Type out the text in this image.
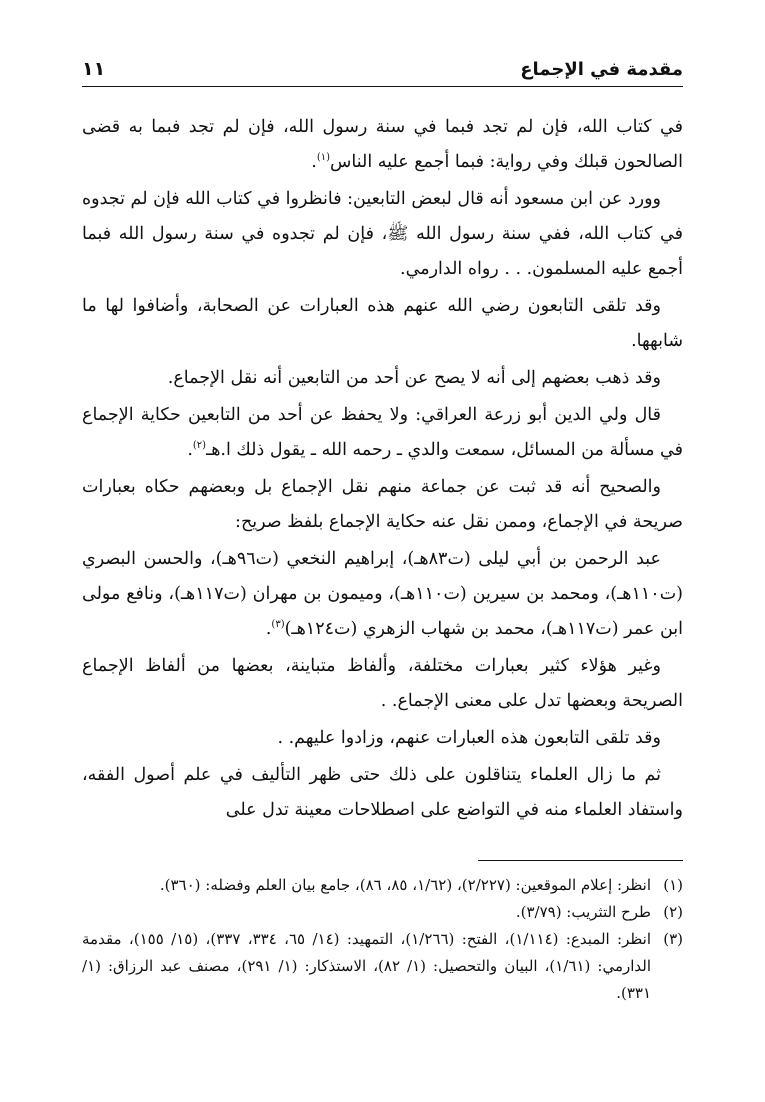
مقدمة في الإجماع
١١

في كتاب الله، فإن لم تجد فبما في سنة رسول الله، فإن لم تجد فبما به قضى الصالحون قبلك وفي رواية: فبما أجمع عليه الناس$^{(١)}$.

وورد عن ابن مسعود أنه قال لبعض التابعين: فانظروا في كتاب الله فإن لم تجدوه في كتاب الله، ففي سنة رسول الله ﷺ، فإن لم تجدوه في سنة رسول الله فبما أجمع عليه المسلمون. . . رواه الدارمي.

وقد تلقى التابعون رضي الله عنهم هذه العبارات عن الصحابة، وأضافوا لها ما شابهها.

وقد ذهب بعضهم إلى أنه لا يصح عن أحد من التابعين أنه نقل الإجماع.

قال ولي الدين أبو زرعة العراقي: ولا يحفظ عن أحد من التابعين حكاية الإجماع في مسألة من المسائل، سمعت والدي ـ رحمه الله ـ يقول ذلك ا.هـ$^{(٢)}$.

والصحيح أنه قد ثبت عن جماعة منهم نقل الإجماع بل وبعضهم حكاه بعبارات صريحة في الإجماع، وممن نقل عنه حكاية الإجماع بلفظ صريح:

عبد الرحمن بن أبي ليلى (ت٨٣هـ)، إبراهيم النخعي (ت٩٦هـ)، والحسن البصري (ت١١٠هـ)، ومحمد بن سيرين (ت١١٠هـ)، وميمون بن مهران (ت١١٧هـ)، ونافع مولى ابن عمر (ت١١٧هـ)، محمد بن شهاب الزهري (ت١٢٤هـ)$^{(٣)}$.

وغير هؤلاء كثير بعبارات مختلفة، وألفاظ متباينة، بعضها من ألفاظ الإجماع الصريحة وبعضها تدل على معنى الإجماع. .

وقد تلقى التابعون هذه العبارات عنهم، وزادوا عليهم. .

ثم ما زال العلماء يتناقلون على ذلك حتى ظهر التأليف في علم أصول الفقه، واستفاد العلماء منه في التواضع على اصطلاحات معينة تدل على

(١)
انظر: إعلام الموقعين: (٢/٢٢٧)، (١/٦٢، ٨٥، ٨٦)، جامع بيان العلم وفضله: (٣٦٠).
(٢)
طرح التثريب: (٣/٧٩).
(٣)
انظر: المبدع: (١/١١٤)، الفتح: (١/٢٦٦)، التمهيد: (١٤/ ٦٥، ٣٣٤، ٣٣٧)، (١٥/ ١٥٥)، مقدمة الدارمي: (١/٦١)، البيان والتحصيل: (١/ ٨٢)، الاستذكار: (١/ ٢٩١)، مصنف عبد الرزاق: (١/ ٣٣١).
